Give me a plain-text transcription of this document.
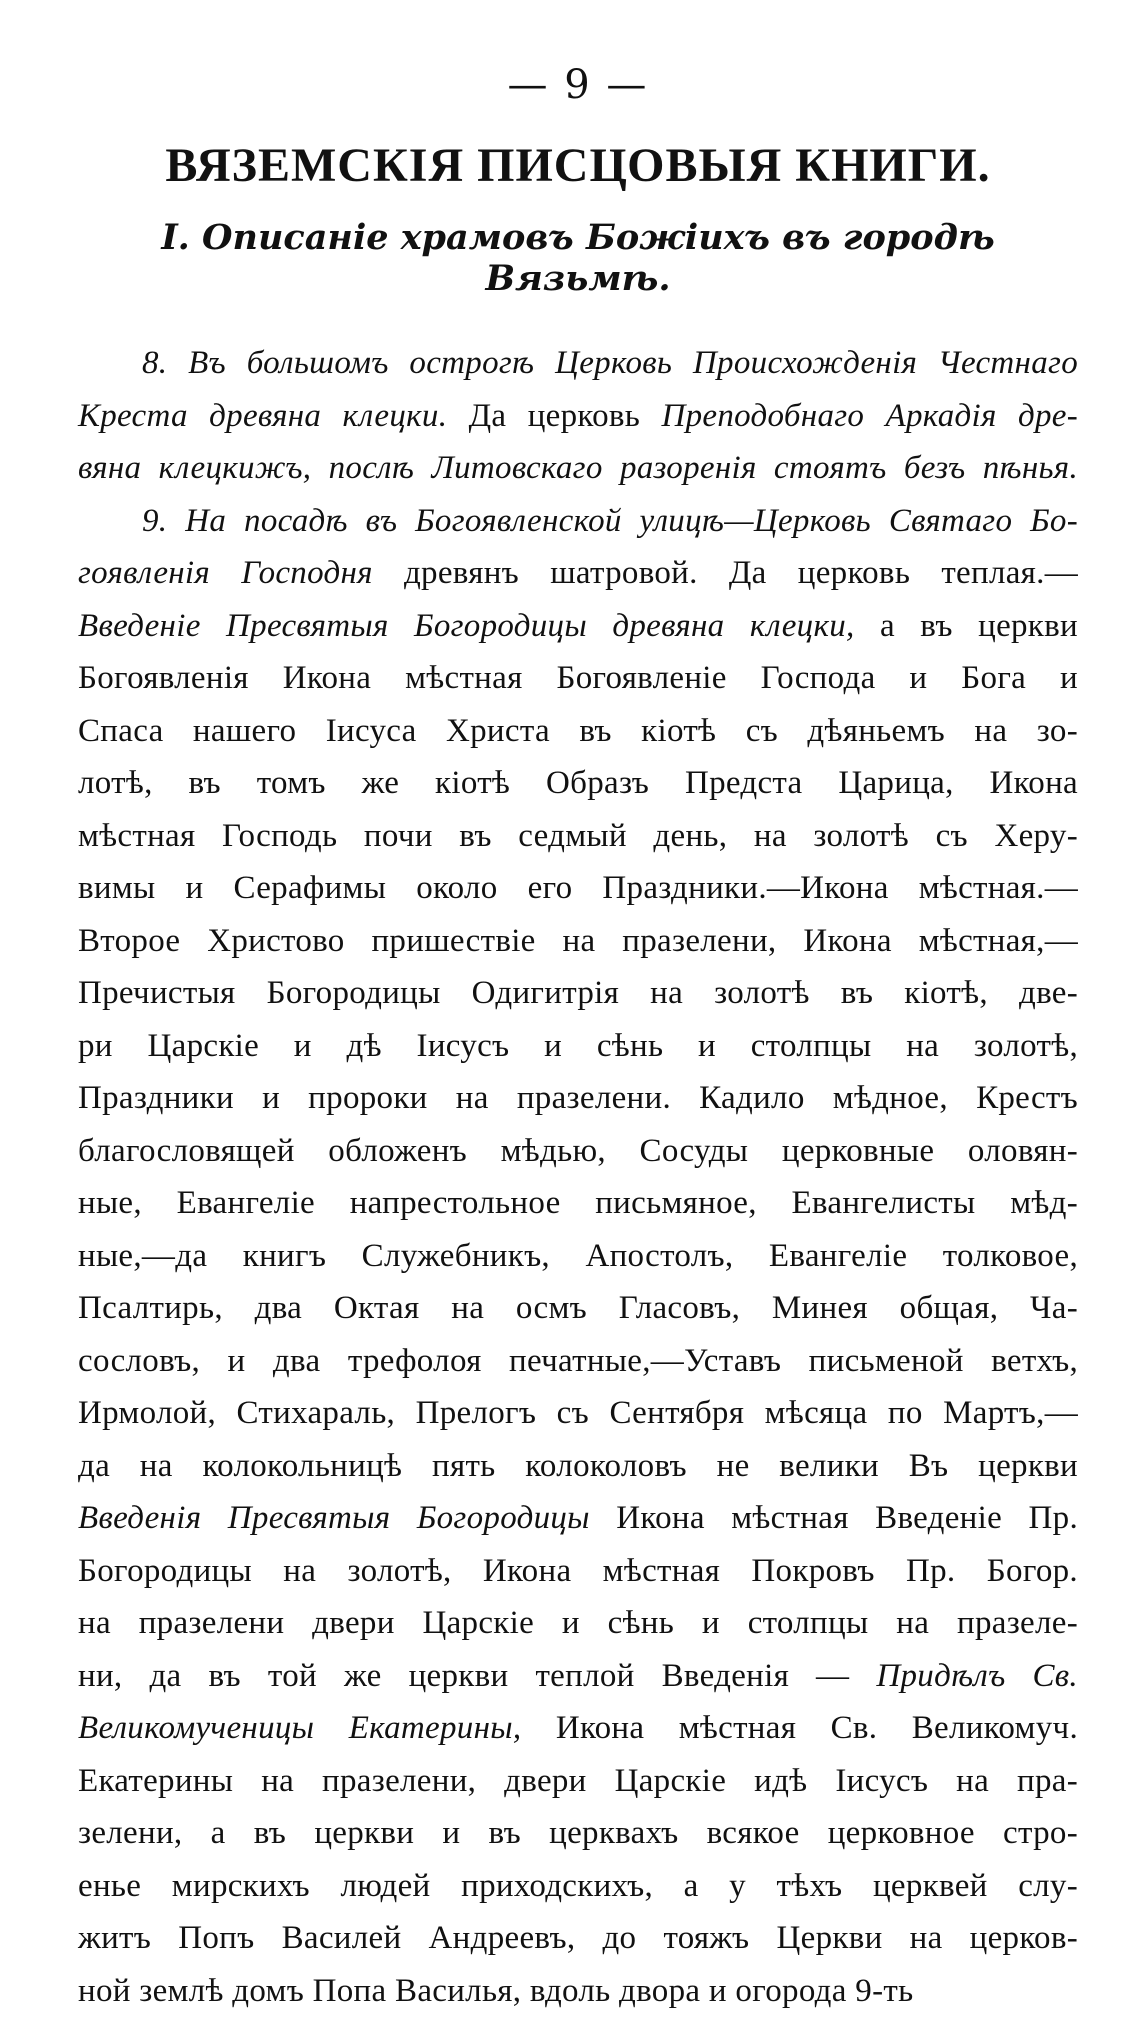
— 9 —
ВЯЗЕМСКІЯ ПИСЦОВЫЯ КНИГИ.
I. Описаніе храмовъ Божіихъ въ городѣ Вязьмѣ.
8. Въ большомъ острогѣ Церковь Происхожденія Честнаго
Креста древяна клецки. Да церковь Преподобнаго Аркадія дре-
вяна клецкижъ, послѣ Литовскаго разоренія стоятъ безъ пѣнья.
9. На посадѣ въ Богоявленской улицѣ—Церковь Святаго Бо-
гоявленія Господня древянъ шатровой. Да церковь теплая.—
Введеніе Пресвятыя Богородицы древяна клецки, а въ церкви
Богоявленія Икона мѣстная Богоявленіе Господа и Бога и
Спаса нашего Іисуса Христа въ кіотѣ съ дѣяньемъ на зо-
лотѣ, въ томъ же кіотѣ Образъ Предста Царица, Икона
мѣстная Господь почи въ седмый день, на золотѣ съ Херу-
вимы и Серафимы около его Праздники.—Икона мѣстная.—
Второе Христово пришествіе на празелени, Икона мѣстная,—
Пречистыя Богородицы Одигитрія на золотѣ въ кіотѣ, две-
ри Царскіе и дѣ Іисусъ и сѣнь и столпцы на золотѣ,
Праздники и пророки на празелени. Кадило мѣдное, Крестъ
благословящей обложенъ мѣдью, Сосуды церковные оловян-
ные, Евангеліе напрестольное письмяное, Евангелисты мѣд-
ные,—да книгъ Служебникъ, Апостолъ, Евангеліе толковое,
Псалтирь, два Октая на осмъ Гласовъ, Минея общая, Ча-
сословъ, и два трефолоя печатные,—Уставъ письменой ветхъ,
Ирмолой, Стихараль, Прелогъ съ Сентября мѣсяца по Мартъ,—
да на колокольницѣ пять колоколовъ не велики Въ церкви
Введенія Пресвятыя Богородицы Икона мѣстная Введеніе Пр.
Богородицы на золотѣ, Икона мѣстная Покровъ Пр. Богор.
на празелени двери Царскіе и сѣнь и столпцы на празеле-
ни, да въ той же церкви теплой Введенія — Придѣлъ Св.
Великомученицы Екатерины, Икона мѣстная Св. Великомуч.
Екатерины на празелени, двери Царскіе идѣ Іисусъ на пра-
зелени, а въ церкви и въ церквахъ всякое церковное стро-
енье мирскихъ людей приходскихъ, а у тѣхъ церквей слу-
житъ Попъ Василей Андреевъ, до тояжъ Церкви на церков-
ной землѣ домъ Попа Василья, вдоль двора и огорода 9-ть
